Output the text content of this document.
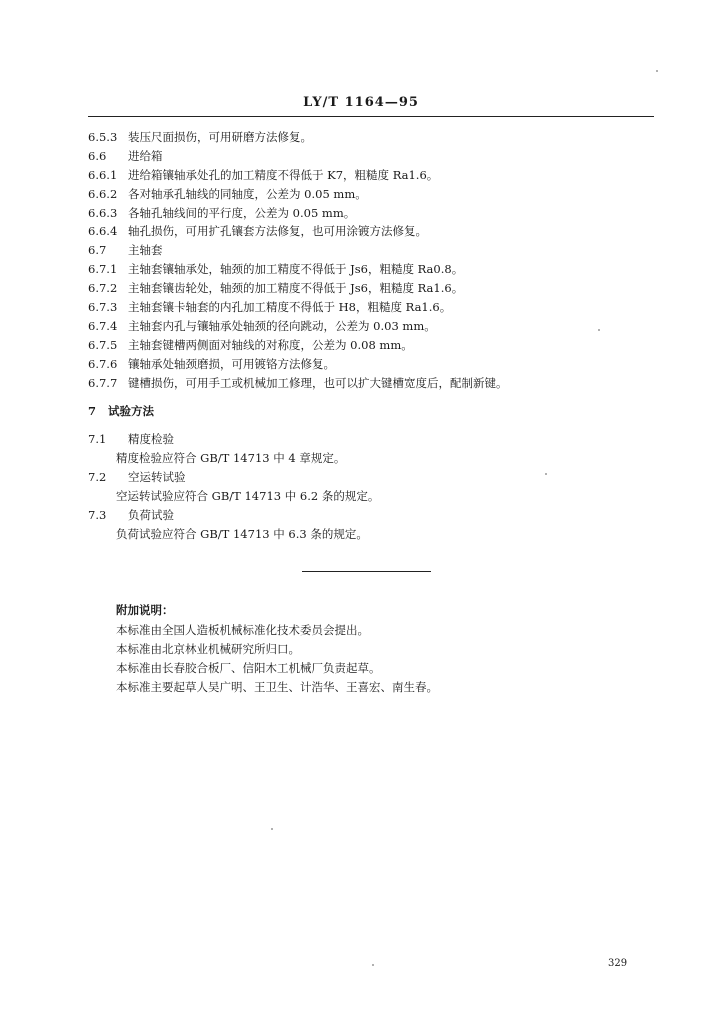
LY/T 1164—95
6.5.3 装压尺面损伤，可用研磨方法修复。
6.6 进给箱
6.6.1 进给箱镶轴承处孔的加工精度不得低于 K7，粗糙度 Ra1.6。
6.6.2 各对轴承孔轴线的同轴度，公差为 0.05 mm。
6.6.3 各轴孔轴线间的平行度，公差为 0.05 mm。
6.6.4 轴孔损伤，可用扩孔镶套方法修复，也可用涂镀方法修复。
6.7 主轴套
6.7.1 主轴套镶轴承处，轴颈的加工精度不得低于 Js6，粗糙度 Ra0.8。
6.7.2 主轴套镶齿轮处，轴颈的加工精度不得低于 Js6，粗糙度 Ra1.6。
6.7.3 主轴套镶卡轴套的内孔加工精度不得低于 H8，粗糙度 Ra1.6。
6.7.4 主轴套内孔与镶轴承处轴颈的径向跳动，公差为 0.03 mm。
6.7.5 主轴套键槽两侧面对轴线的对称度，公差为 0.08 mm。
6.7.6 镶轴承处轴颈磨损，可用镀铬方法修复。
6.7.7 键槽损伤，可用手工或机械加工修理，也可以扩大键槽宽度后，配制新键。
7 试验方法
7.1 精度检验
精度检验应符合 GB/T 14713 中 4 章规定。
7.2 空运转试验
空运转试验应符合 GB/T 14713 中 6.2 条的规定。
7.3 负荷试验
负荷试验应符合 GB/T 14713 中 6.3 条的规定。
附加说明：
本标准由全国人造板机械标准化技术委员会提出。
本标准由北京林业机械研究所归口。
本标准由长春胶合板厂、信阳木工机械厂负责起草。
本标准主要起草人吴广明、王卫生、计浩华、王喜宏、南生春。
329
